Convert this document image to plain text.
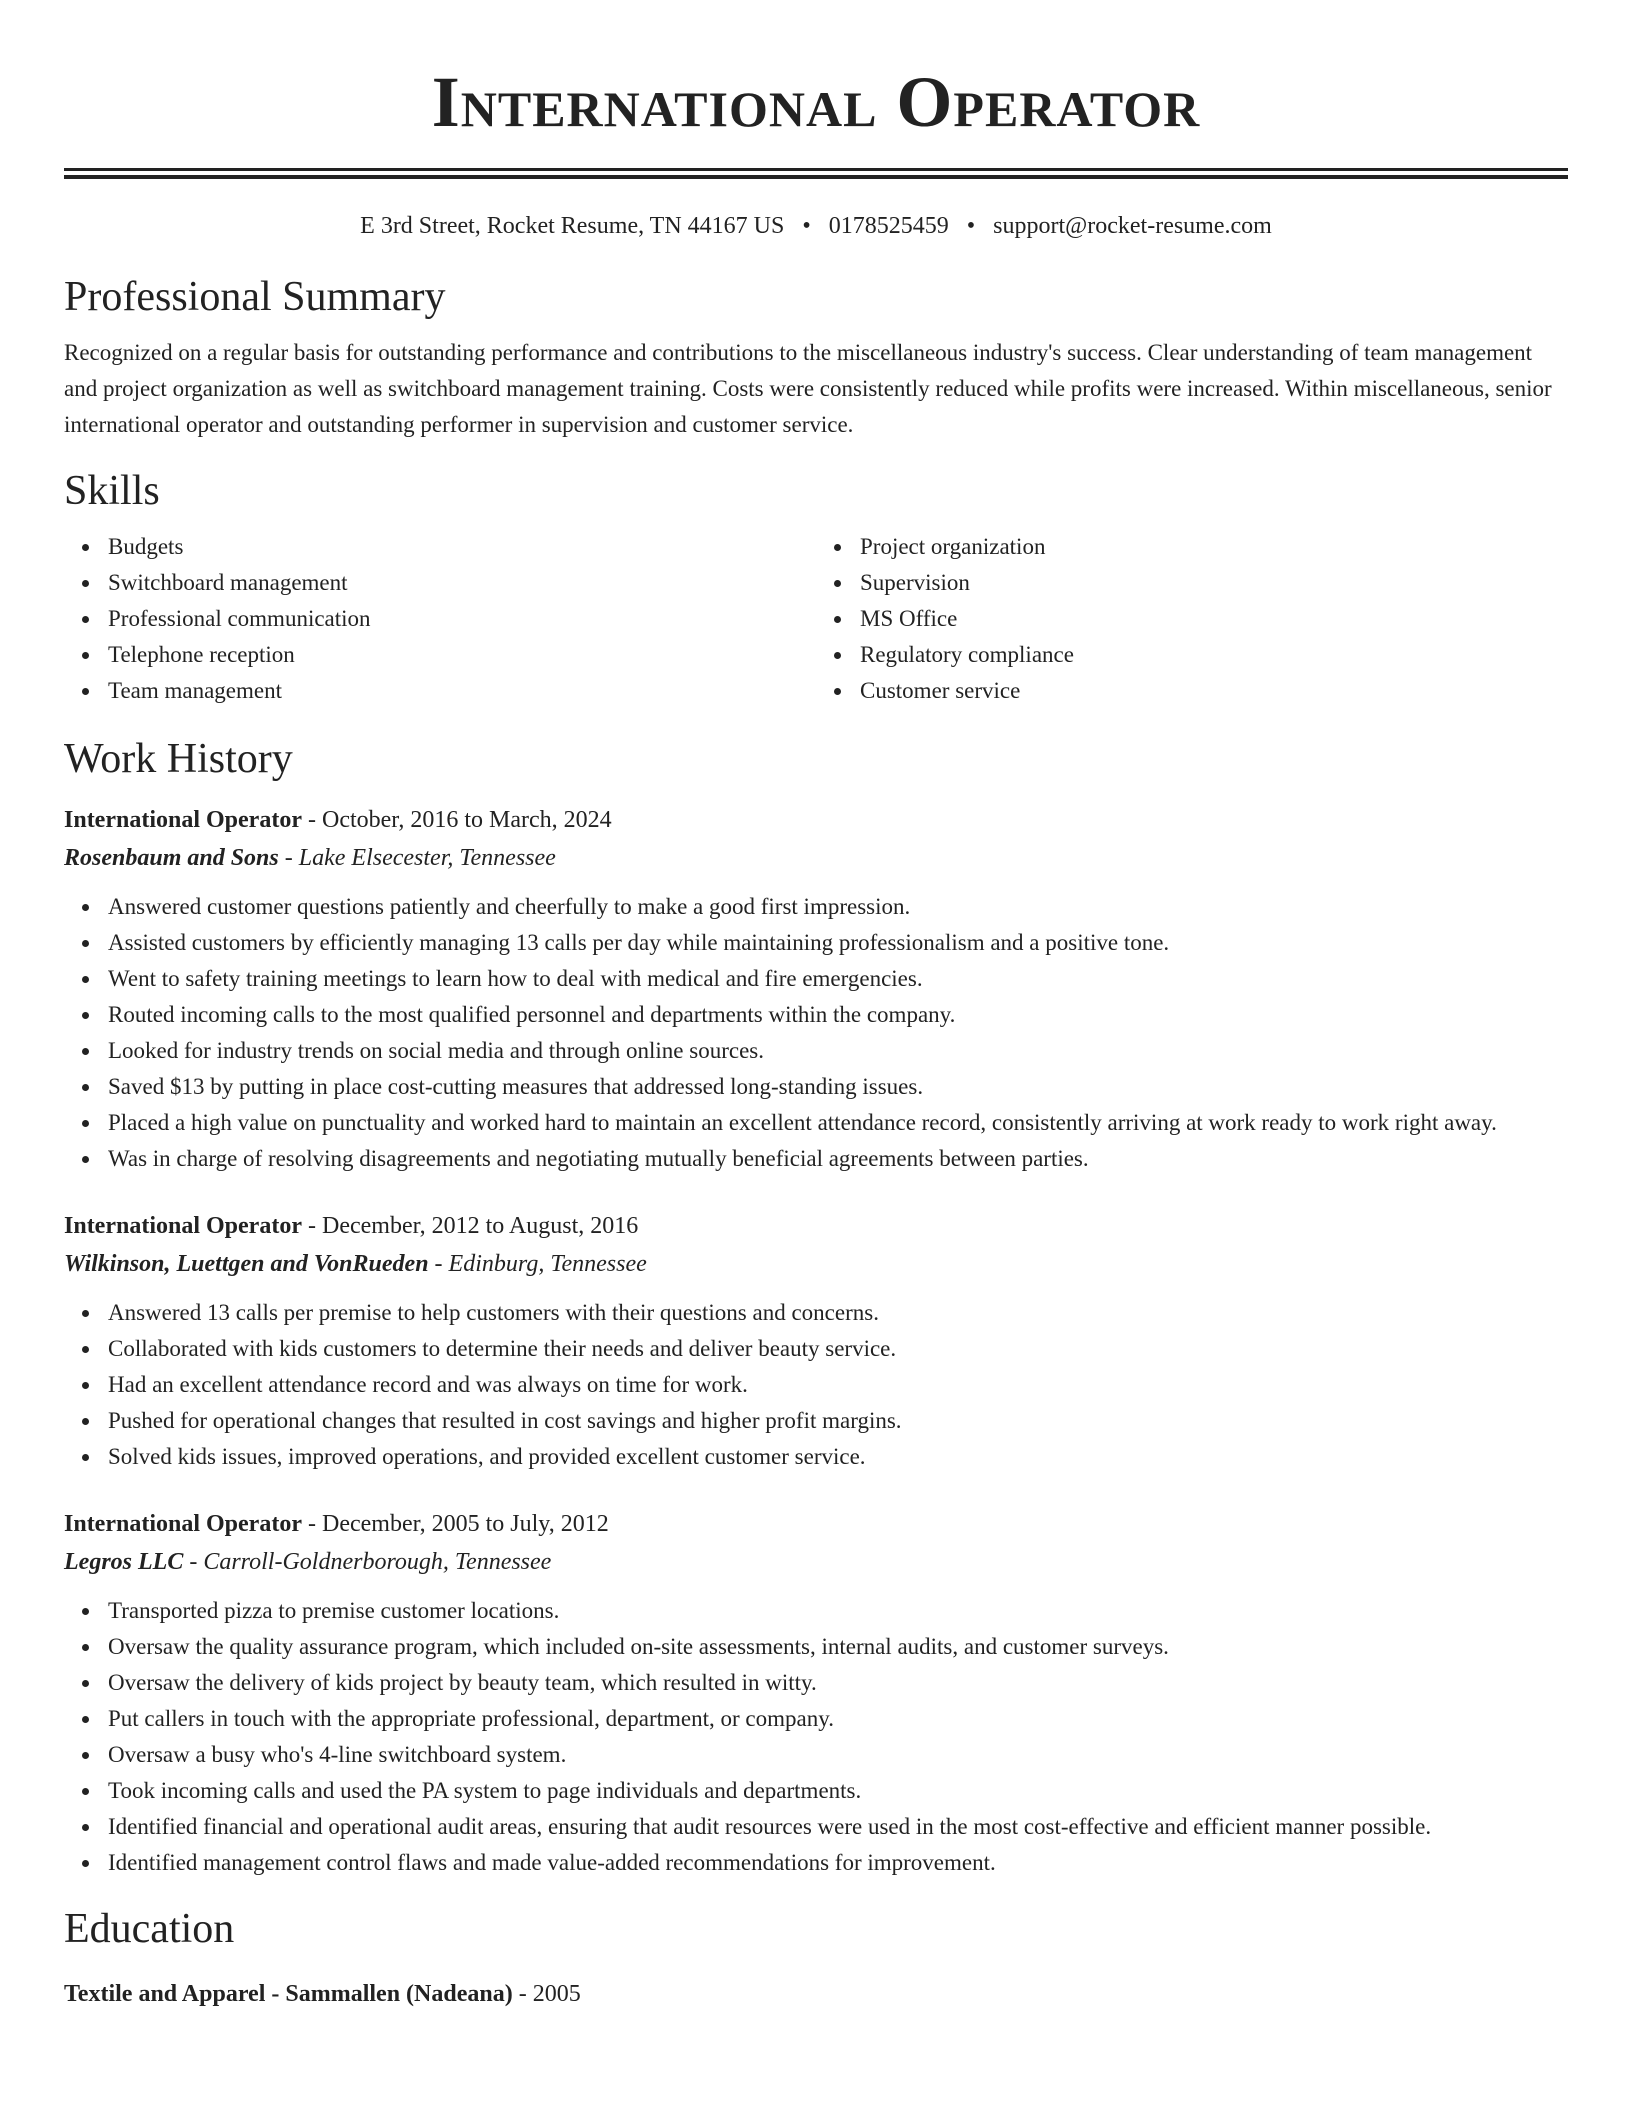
International Operator
E 3rd Street, Rocket Resume, TN 44167 US • 0178525459 • support@rocket-resume.com
Professional Summary

Recognized on a regular basis for outstanding performance and contributions to the miscellaneous industry's success. Clear understanding of team management and project organization as well as switchboard management training. Costs were consistently reduced while profits were increased. Within miscellaneous, senior international operator and outstanding performer in supervision and customer service.

Skills
Budgets
Switchboard management
Professional communication
Telephone reception
Team management
Project organization
Supervision
MS Office
Regulatory compliance
Customer service
Work History
International Operator - October, 2016 to March, 2024
Rosenbaum and Sons - Lake Elsecester, Tennessee
Answered customer questions patiently and cheerfully to make a good first impression.
Assisted customers by efficiently managing 13 calls per day while maintaining professionalism and a positive tone.
Went to safety training meetings to learn how to deal with medical and fire emergencies.
Routed incoming calls to the most qualified personnel and departments within the company.
Looked for industry trends on social media and through online sources.
Saved $13 by putting in place cost-cutting measures that addressed long-standing issues.
Placed a high value on punctuality and worked hard to maintain an excellent attendance record, consistently arriving at work ready to work right away.
Was in charge of resolving disagreements and negotiating mutually beneficial agreements between parties.
International Operator - December, 2012 to August, 2016
Wilkinson, Luettgen and VonRueden - Edinburg, Tennessee
Answered 13 calls per premise to help customers with their questions and concerns.
Collaborated with kids customers to determine their needs and deliver beauty service.
Had an excellent attendance record and was always on time for work.
Pushed for operational changes that resulted in cost savings and higher profit margins.
Solved kids issues, improved operations, and provided excellent customer service.
International Operator - December, 2005 to July, 2012
Legros LLC - Carroll-Goldnerborough, Tennessee
Transported pizza to premise customer locations.
Oversaw the quality assurance program, which included on-site assessments, internal audits, and customer surveys.
Oversaw the delivery of kids project by beauty team, which resulted in witty.
Put callers in touch with the appropriate professional, department, or company.
Oversaw a busy who's 4-line switchboard system.
Took incoming calls and used the PA system to page individuals and departments.
Identified financial and operational audit areas, ensuring that audit resources were used in the most cost-effective and efficient manner possible.
Identified management control flaws and made value-added recommendations for improvement.
Education
Textile and Apparel - Sammallen (Nadeana) - 2005
